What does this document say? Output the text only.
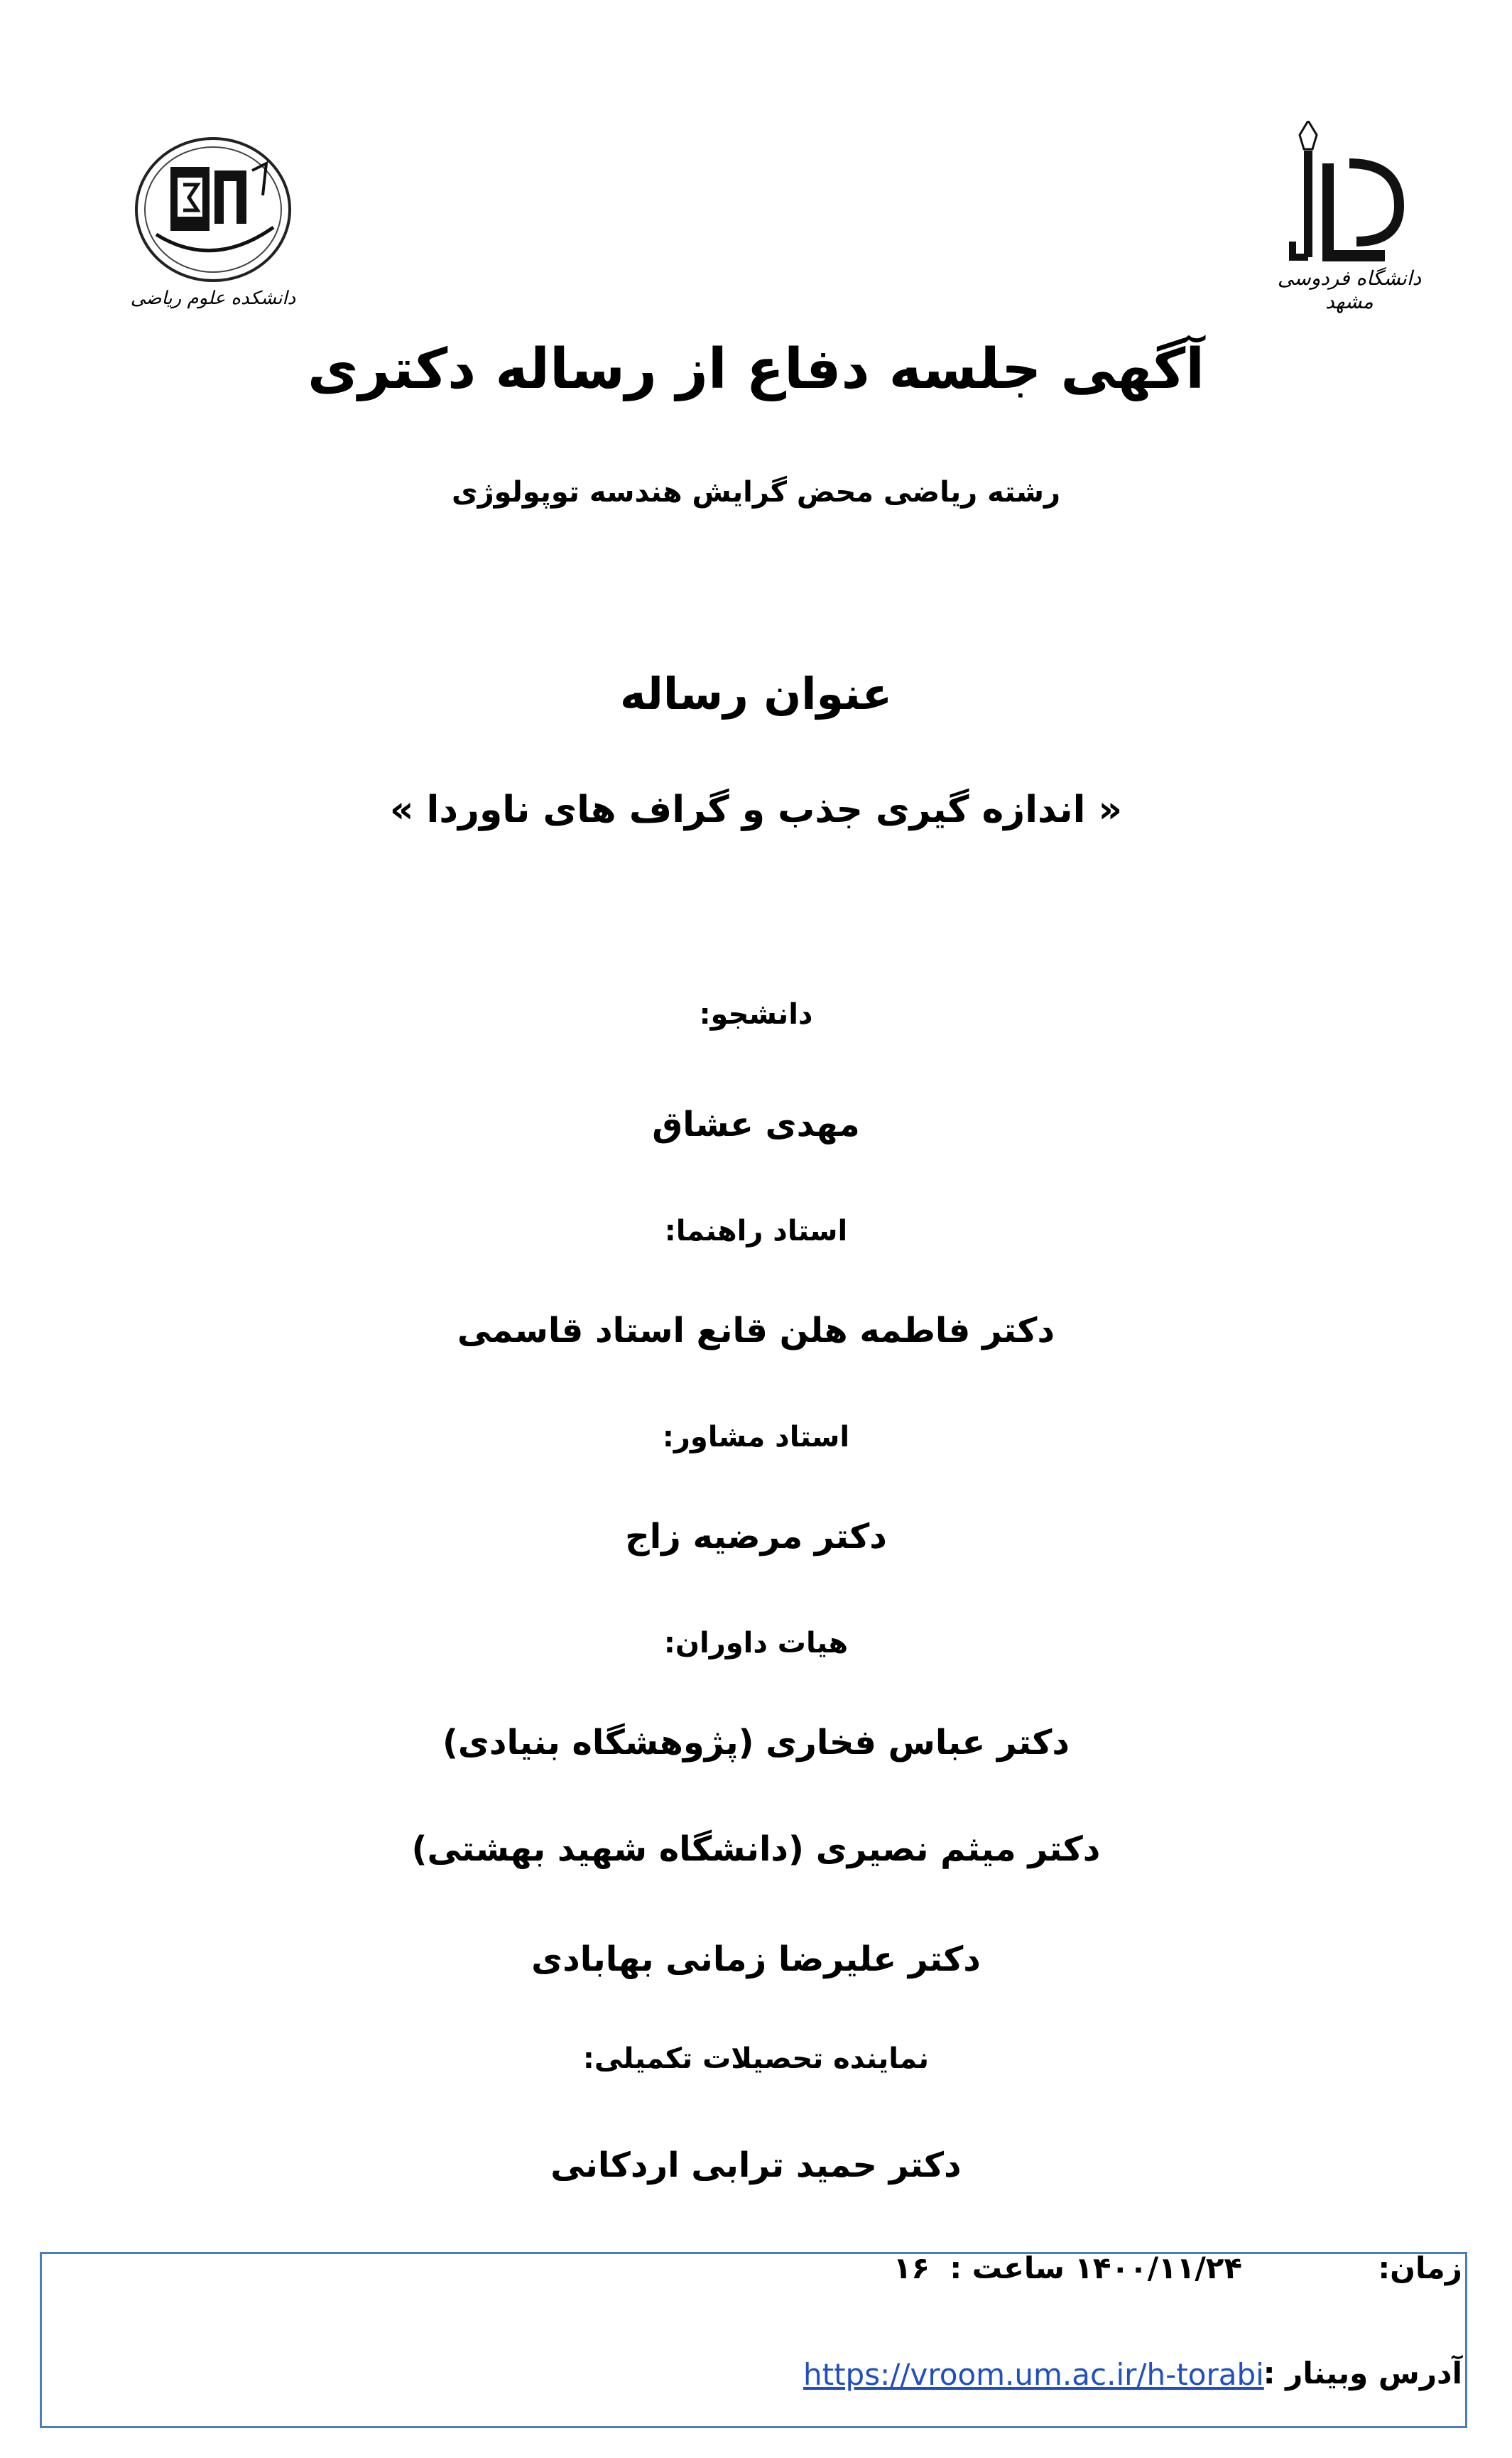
دانشکده علوم ریاضی
دانشگاه فردوسی مشهد
آگهی جلسه دفاع از رساله دکتری
رشته ریاضی محض گرایش هندسه توپولوژی
عنوان رساله
« اندازه گیری جذب و گراف های ناوردا »
دانشجو:
مهدی عشاق
استاد راهنما:
دکتر فاطمه هلن قانع استاد قاسمی
استاد مشاور:
دکتر مرضیه زاج
هیات داوران:
دکتر عباس فخاری (پژوهشگاه بنیادی)
دکتر میثم نصیری (دانشگاه شهید بهشتی)
دکتر علیرضا زمانی بهابادی
نماینده تحصیلات تکمیلی:
دکتر حمید ترابی اردکانی
زمان:
۱۴۰۰/۱۱/۲۴
ساعت :
۱۶
آدرس وبینار :
https://vroom.um.ac.ir/h-torabi
